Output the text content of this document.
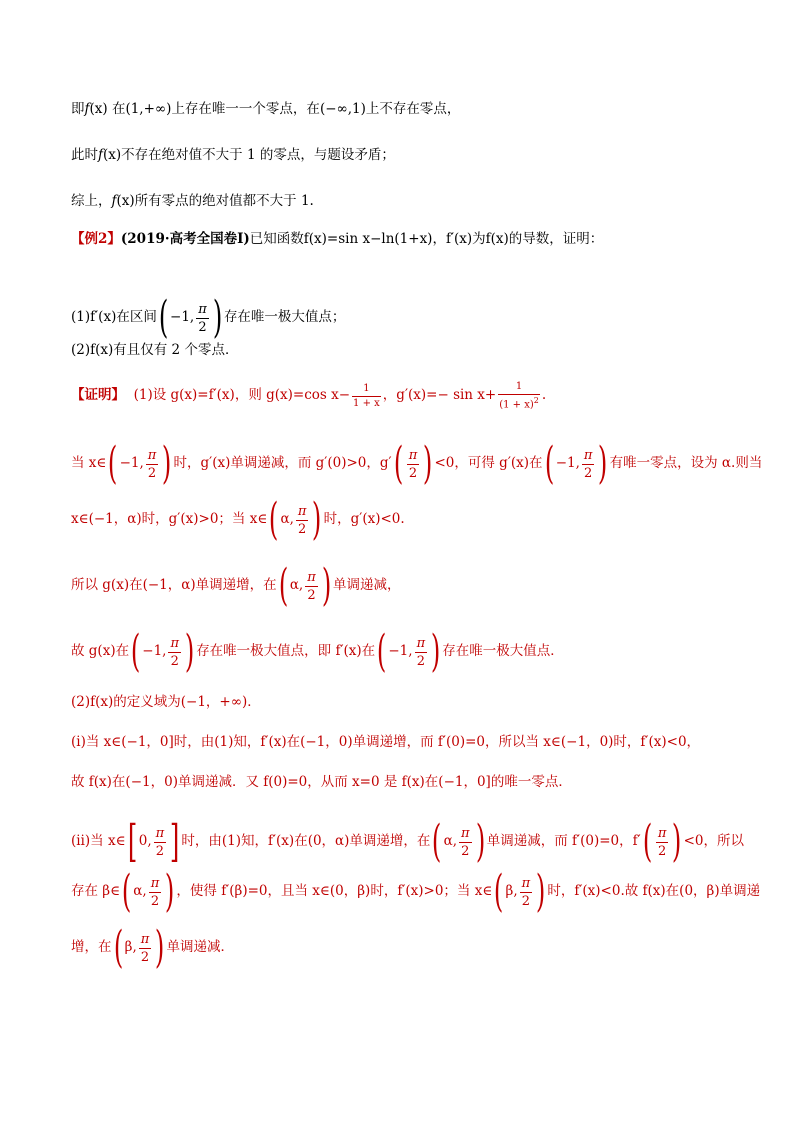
即f(x) 在(1,+∞)上存在唯一一个零点，在(−∞,1)上不存在零点，
此时f(x)不存在绝对值不大于 1 的零点，与题设矛盾；
综上，f(x)所有零点的绝对值都不大于 1.
【例2】(2019·高考全国卷Ⅰ)已知函数f(x)=sin x−ln(1+x)，f′(x)为f(x)的导数，证明：
(1)f′(x)在区间 ( −1, $\frac{\pi}{2}$ ) 存在唯一极大值点；
(2)f(x)有且仅有 2 个零点．
【证明】
(1)设 g(x)=f′(x)，则 g(x)=cos $x- \frac{1}{1 + x}$ ，$g'(x)=- \sin x+ \frac{1}{(1 + x)^2}$ .
当 x∈ ( −1, $\frac{\pi}{2}$ ) 时，g′(x)单调递减，而 g′(0)>0，g′ ( $\frac{\pi}{2}$ ) <0，可得 g′(x)在 ( −1, $\frac{\pi}{2}$ ) 有唯一零点，设为 α.则当
x∈(−1，α)时，g′(x)>0；当 x∈ ( α, $\frac{\pi}{2}$ ) 时，g′(x)<0.
所以 g(x)在(−1，α)单调递增，在 ( α, $\frac{\pi}{2}$ ) 单调递减，
故 g(x)在 ( −1, $\frac{\pi}{2}$ ) 存在唯一极大值点，即 f′(x)在 ( −1, $\frac{\pi}{2}$ ) 存在唯一极大值点．
(2)f(x)的定义域为(−1，+∞)．
(ⅰ)当 x∈(−1，0]时，由(1)知，f′(x)在(−1，0)单调递增，而 f′(0)=0，所以当 x∈(−1，0)时，f′(x)<0，
故 f(x)在(−1，0)单调递减．又 f(0)=0，从而 x=0 是 f(x)在(−1，0]的唯一零点．
(ⅱ)当 x∈ [ 0, $\frac{\pi}{2}$ ] 时，由(1)知，f′(x)在(0，α)单调递增，在 ( α, $\frac{\pi}{2}$ ) 单调递减，而 f′(0)=0，f′ ( $\frac{\pi}{2}$ ) <0，所以
存在 β∈ ( α, $\frac{\pi}{2}$ ) ，使得 f′(β)=0，且当 x∈(0，β)时，f′(x)>0；当 x∈ ( β, $\frac{\pi}{2}$ ) 时，f′(x)<0.故 f(x)在(0，β)单调递
增，在 ( β, $\frac{\pi}{2}$ ) 单调递减．
